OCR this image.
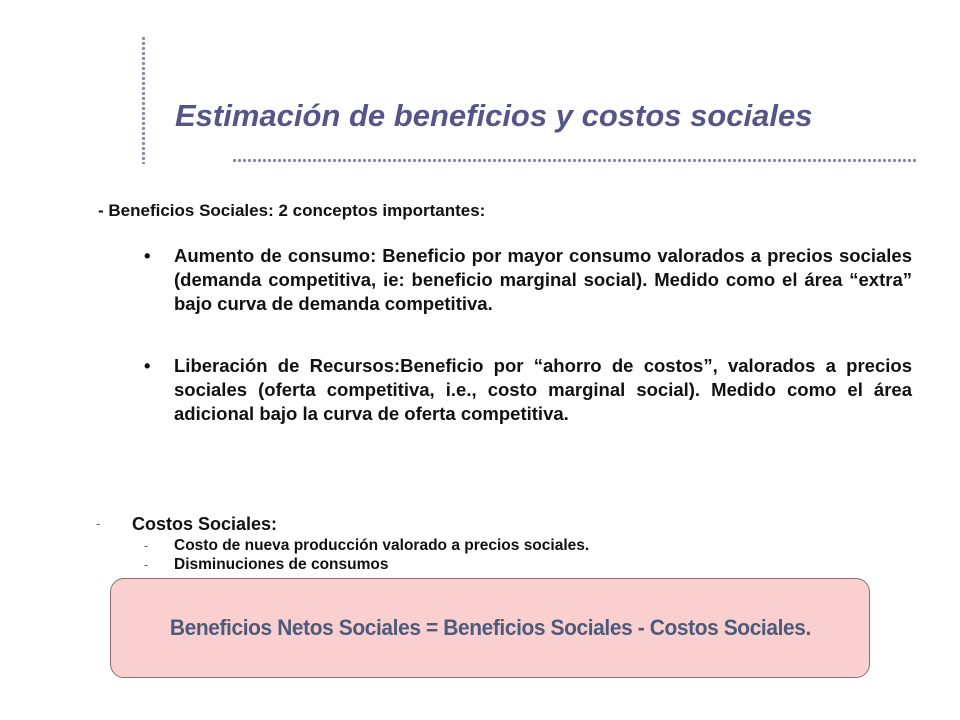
Estimación de beneficios y costos sociales
- Beneficios Sociales: 2 conceptos importantes:
• Aumento de consumo: Beneficio por mayor consumo valorados a precios sociales (demanda competitiva, ie: beneficio marginal social). Medido como el área “extra” bajo curva de demanda competitiva.
• Liberación de Recursos:Beneficio por “ahorro de costos”, valorados a precios sociales (oferta competitiva, i.e., costo marginal social). Medido como el área adicional bajo la curva de oferta competitiva.
- Costos Sociales:
- Costo de nueva producción valorado a precios sociales.
- Disminuciones de consumos
Beneficios Netos Sociales = Beneficios Sociales - Costos Sociales.
